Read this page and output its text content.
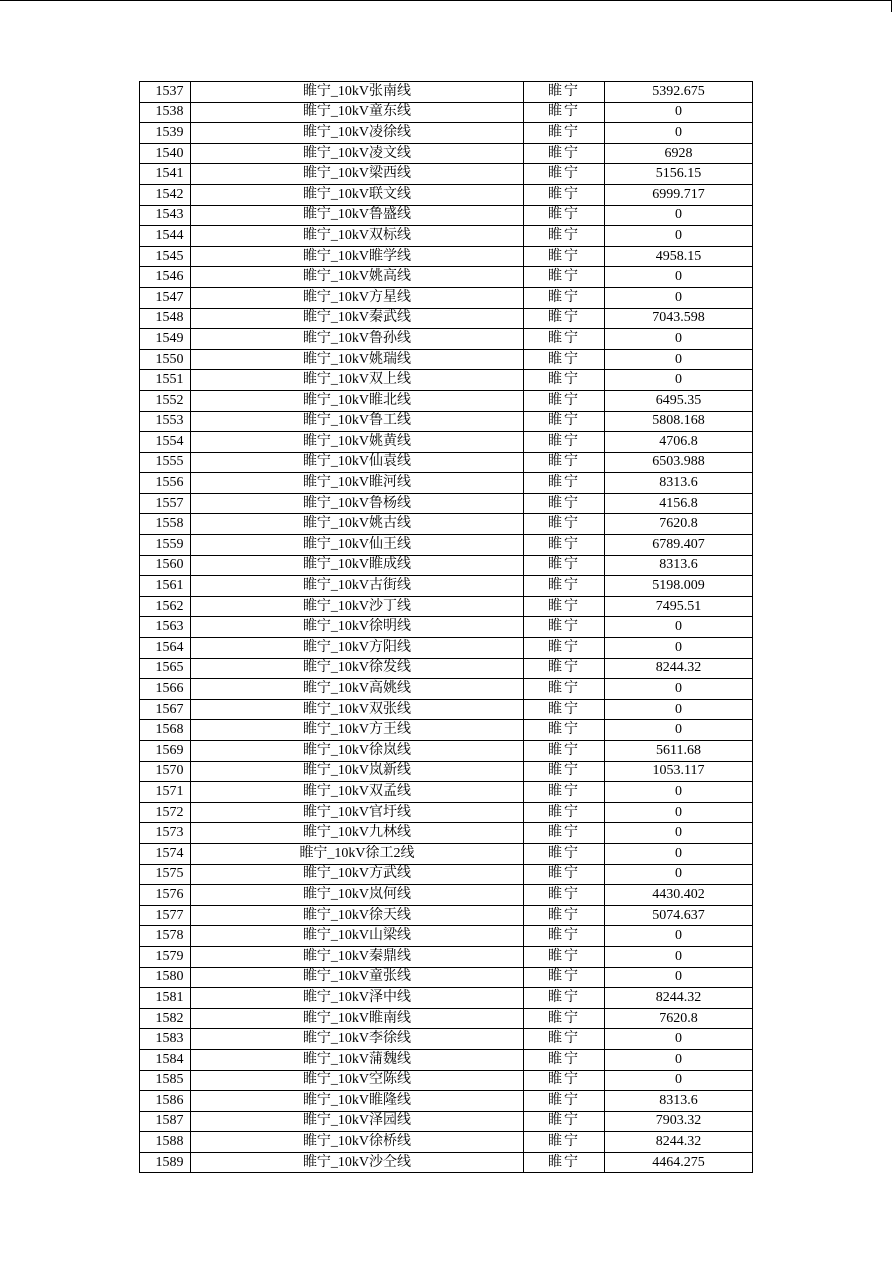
1537	睢宁_10kV张南线	睢宁	5392.675
1538	睢宁_10kV童东线	睢宁	0
1539	睢宁_10kV凌徐线	睢宁	0
1540	睢宁_10kV凌文线	睢宁	6928
1541	睢宁_10kV梁西线	睢宁	5156.15
1542	睢宁_10kV联文线	睢宁	6999.717
1543	睢宁_10kV鲁盛线	睢宁	0
1544	睢宁_10kV双标线	睢宁	0
1545	睢宁_10kV睢学线	睢宁	4958.15
1546	睢宁_10kV姚高线	睢宁	0
1547	睢宁_10kV方星线	睢宁	0
1548	睢宁_10kV秦武线	睢宁	7043.598
1549	睢宁_10kV鲁孙线	睢宁	0
1550	睢宁_10kV姚瑞线	睢宁	0
1551	睢宁_10kV双上线	睢宁	0
1552	睢宁_10kV睢北线	睢宁	6495.35
1553	睢宁_10kV鲁工线	睢宁	5808.168
1554	睢宁_10kV姚黄线	睢宁	4706.8
1555	睢宁_10kV仙袁线	睢宁	6503.988
1556	睢宁_10kV睢河线	睢宁	8313.6
1557	睢宁_10kV鲁杨线	睢宁	4156.8
1558	睢宁_10kV姚古线	睢宁	7620.8
1559	睢宁_10kV仙王线	睢宁	6789.407
1560	睢宁_10kV睢成线	睢宁	8313.6
1561	睢宁_10kV古街线	睢宁	5198.009
1562	睢宁_10kV沙丁线	睢宁	7495.51
1563	睢宁_10kV徐明线	睢宁	0
1564	睢宁_10kV方阳线	睢宁	0
1565	睢宁_10kV徐发线	睢宁	8244.32
1566	睢宁_10kV高姚线	睢宁	0
1567	睢宁_10kV双张线	睢宁	0
1568	睢宁_10kV方王线	睢宁	0
1569	睢宁_10kV徐岚线	睢宁	5611.68
1570	睢宁_10kV岚新线	睢宁	1053.117
1571	睢宁_10kV双孟线	睢宁	0
1572	睢宁_10kV官圩线	睢宁	0
1573	睢宁_10kV九林线	睢宁	0
1574	睢宁_10kV徐工2线	睢宁	0
1575	睢宁_10kV方武线	睢宁	0
1576	睢宁_10kV岚何线	睢宁	4430.402
1577	睢宁_10kV徐天线	睢宁	5074.637
1578	睢宁_10kV山梁线	睢宁	0
1579	睢宁_10kV秦鼎线	睢宁	0
1580	睢宁_10kV童张线	睢宁	0
1581	睢宁_10kV泽中线	睢宁	8244.32
1582	睢宁_10kV睢南线	睢宁	7620.8
1583	睢宁_10kV李徐线	睢宁	0
1584	睢宁_10kV蒲魏线	睢宁	0
1585	睢宁_10kV空陈线	睢宁	0
1586	睢宁_10kV睢隆线	睢宁	8313.6
1587	睢宁_10kV泽园线	睢宁	7903.32
1588	睢宁_10kV徐桥线	睢宁	8244.32
1589	睢宁_10kV沙仝线	睢宁	4464.275
